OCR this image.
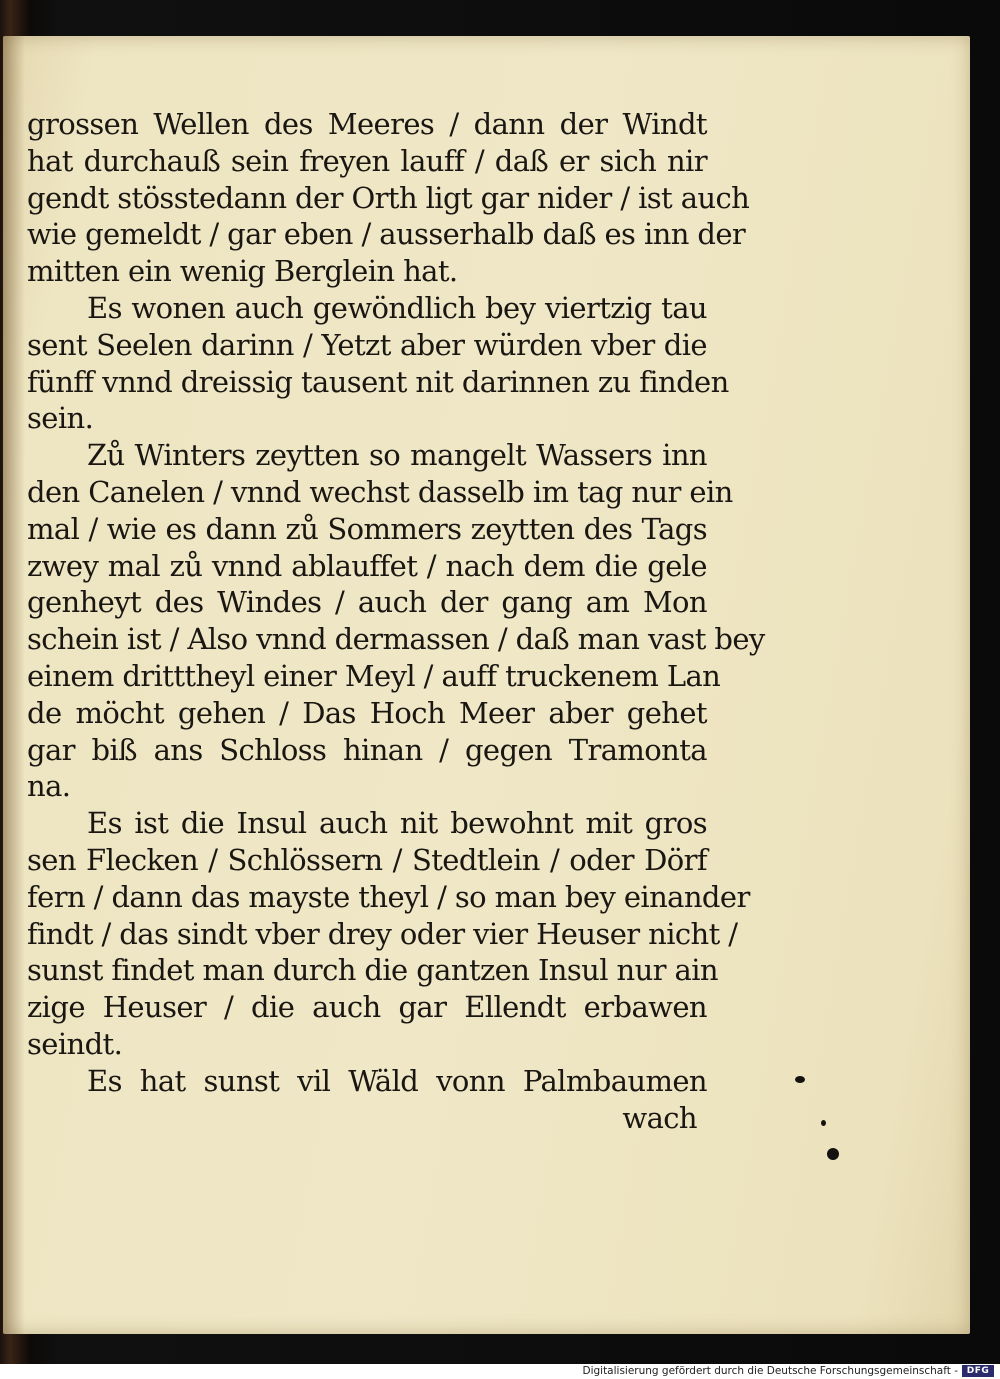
grossen Wellen des Meeres / dann der Windt
hat durchauß sein freyen lauff / daß er sich nir
gendt stösstedann der Orth ligt gar nider / ist auch
wie gemeldt / gar eben / ausserhalb daß es inn der
mitten ein wenig Berglein hat.
Es wonen auch gewöndlich bey viertzig tau
sent Seelen darinn / Yetzt aber würden vber die
fünff vnnd dreissig tausent nit darinnen zu finden
sein.
Zů Winters zeytten so mangelt Wassers inn
den Canelen / vnnd wechst dasselb im tag nur ein
mal / wie es dann zů Sommers zeytten des Tags
zwey mal zů vnnd ablauffet / nach dem die gele
genheyt des Windes / auch der gang am Mon
schein ist / Also vnnd dermassen / daß man vast bey
einem dritttheyl einer Meyl / auff truckenem Lan
de möcht gehen / Das Hoch Meer aber gehet
gar biß ans Schloss hinan / gegen Tramonta
na.
Es ist die Insul auch nit bewohnt mit gros
sen Flecken / Schlössern / Stedtlein / oder Dörf
fern / dann das mayste theyl / so man bey einander
findt / das sindt vber drey oder vier Heuser nicht /
sunst findet man durch die gantzen Insul nur ain
zige Heuser / die auch gar Ellendt erbawen
seindt.
Es hat sunst vil Wäld vonn Palmbaumen
wach
Digitalisierung gefördert durch die Deutsche Forschungsgemeinschaft - DFG
